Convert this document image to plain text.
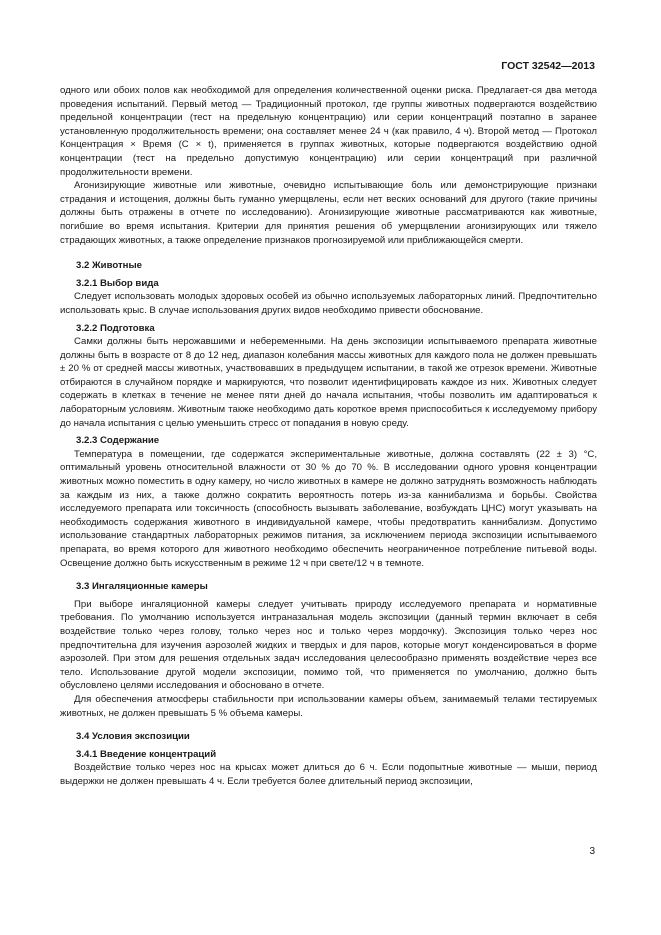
ГОСТ 32542—2013

одного или обоих полов как необходимой для определения количественной оценки риска. Предлагает-ся два метода проведения испытаний. Первый метод — Традиционный протокол, где группы животных подвергаются воздействию предельной концентрации (тест на предельную концентрацию) или серии концентраций поэтапно в заранее установленную продолжительность времени; она составляет менее 24 ч (как правило, 4 ч). Второй метод — Протокол Концентрация × Время (C × t), применяется в группах животных, которые подвергаются воздействию одной концентрации (тест на предельно допустимую концентрацию) или серии концентраций при различной продолжительности времени.

Агонизирующие животные или животные, очевидно испытывающие боль или демонстрирующие признаки страдания и истощения, должны быть гуманно умерщвлены, если нет веских оснований для другого (такие причины должны быть отражены в отчете по исследованию). Агонизирующие животные рассматриваются как животные, погибшие во время испытания. Критерии для принятия решения об умерщвлении агонизирующих или тяжело страдающих животных, а также определение признаков прогнозируемой или приближающейся смерти.

3.2 Животные
3.2.1 Выбор вида

Следует использовать молодых здоровых особей из обычно используемых лабораторных линий. Предпочтительно использовать крыс. В случае использования других видов необходимо привести обоснование.

3.2.2 Подготовка

Самки должны быть нерожавшими и небеременными. На день экспозиции испытываемого препарата животные должны быть в возрасте от 8 до 12 нед, диапазон колебания массы животных для каждого пола не должен превышать ± 20 % от средней массы животных, участвовавших в предыдущем испытании, в такой же отрезок времени. Животные отбираются в случайном порядке и маркируются, что позволит идентифицировать каждое из них. Животных следует содержать в клетках в течение не менее пяти дней до начала испытания, чтобы позволить им адаптироваться к лабораторным условиям. Животным также необходимо дать короткое время приспособиться к исследуемому прибору до начала испытания с целью уменьшить стресс от попадания в новую среду.

3.2.3 Содержание

Температура в помещении, где содержатся экспериментальные животные, должна составлять (22 ± 3) °С, оптимальный уровень относительной влажности от 30 % до 70 %. В исследовании одного уровня концентрации животных можно поместить в одну камеру, но число животных в камере не должно затруднять возможность наблюдать за каждым из них, а также должно сократить вероятность потерь из-за каннибализма и борьбы. Свойства исследуемого препарата или токсичность (способность вызывать заболевание, возбуждать ЦНС) могут указывать на необходимость содержания животного в индивидуальной камере, чтобы предотвратить каннибализм. Допустимо использование стандартных лабораторных режимов питания, за исключением периода экспозиции испытываемого препарата, во время которого для животного необходимо обеспечить неограниченное потребление питьевой воды. Освещение должно быть искусственным в режиме 12 ч при свете/12 ч в темноте.

3.3 Ингаляционные камеры

При выборе ингаляционной камеры следует учитывать природу исследуемого препарата и нормативные требования. По умолчанию используется интраназальная модель экспозиции (данный термин включает в себя воздействие только через голову, только через нос и только через мордочку). Экспозиция только через нос предпочтительна для изучения аэрозолей жидких и твердых и для паров, которые могут конденсироваться в форме аэрозолей. При этом для решения отдельных задач исследования целесообразно применять воздействие через все тело. Использование другой модели экспозиции, помимо той, что применяется по умолчанию, должно быть обусловлено целями исследования и обосновано в отчете.

Для обеспечения атмосферы стабильности при использовании камеры объем, занимаемый телами тестируемых животных, не должен превышать 5 % объема камеры.

3.4 Условия экспозиции
3.4.1 Введение концентраций

Воздействие только через нос на крысах может длиться до 6 ч. Если подопытные животные — мыши, период выдержки не должен превышать 4 ч. Если требуется более длительный период экспозиции,

3
